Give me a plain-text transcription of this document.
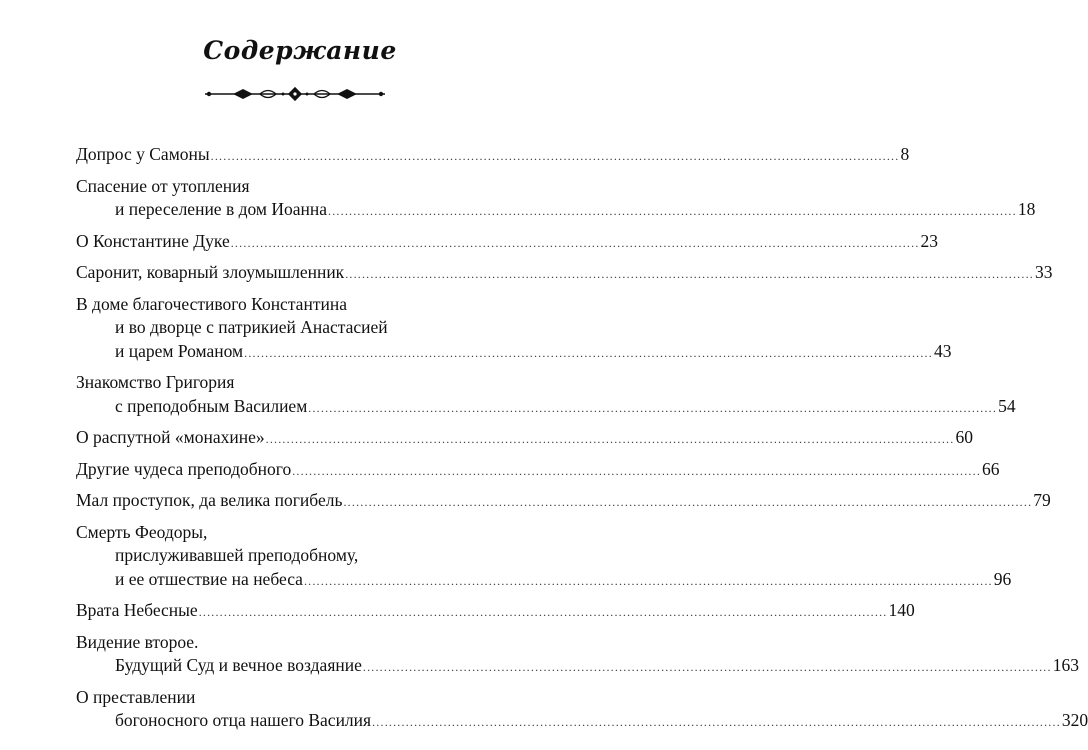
Содержание
Допрос у Самоны .................................................................................................................................................................... 8
Спасение от утопления
и переселение в дом Иоанна .................................................................................................................................................................... 18
О Константине Дуке .................................................................................................................................................................... 23
Саронит, коварный злоумышленник .................................................................................................................................................................... 33
В доме благочестивого Константина
и во дворце с патрикией Анастасией
и царем Романом .................................................................................................................................................................... 43
Знакомство Григория
с преподобным Василием .................................................................................................................................................................... 54
О распутной «монахине» .................................................................................................................................................................... 60
Другие чудеса преподобного .................................................................................................................................................................... 66
Мал проступок, да велика погибель .................................................................................................................................................................... 79
Смерть Феодоры,
прислуживавшей преподобному,
и ее отшествие на небеса .................................................................................................................................................................... 96
Врата Небесные .................................................................................................................................................................... 140
Видение второе.
Будущий Суд и вечное воздаяние .................................................................................................................................................................... 163
О преставлении
богоносного отца нашего Василия .................................................................................................................................................................... 320
